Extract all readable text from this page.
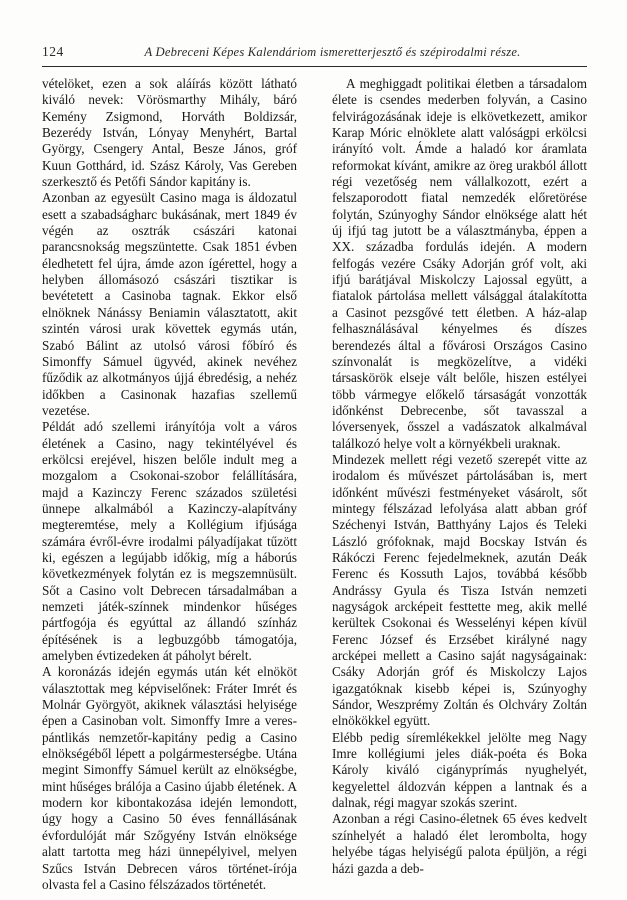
124	A Debreceni Képes Kalendáriom ismeretterjesztő és szépirodalmi része.

vételöket, ezen a sok aláírás között látható kiváló nevek: Vörösmarthy Mihály, báró Kemény Zsigmond, Horváth Boldizsár, Bezerédy István, Lónyay Menyhért, Bartal György, Csengery Antal, Besze János, gróf Kuun Gotthárd, id. Szász Károly, Vas Gereben szerkesztő és Petőfi Sándor kapitány is.

Azonban az egyesült Casino maga is áldozatul esett a szabadságharc bukásának, mert 1849 év végén az osztrák császári katonai parancsnokság megszüntette. Csak 1851 évben éledhetett fel újra, ámde azon ígérettel, hogy a helyben állomásozó császári tisztikar is bevétetett a Casinoba tagnak. Ekkor első elnöknek Nánássy Beniamin választatott, akit szintén városi urak követtek egymás után, Szabó Bálint az utolsó városi főbíró és Simonffy Sámuel ügyvéd, akinek nevéhez fűződik az alkotmányos újjá ébredésig, a nehéz időkben a Casinonak hazafias szellemű vezetése.

Példát adó szellemi irányítója volt a város életének a Casino, nagy tekintélyével és erkölcsi erejével, hiszen belőle indult meg a mozgalom a Csokonai-szobor felállítására, majd a Kazinczy Ferenc százados születési ünnepe alkalmából a Kazinczy-alapítvány megteremtése, mely a Kollégium ifjúsága számára évről-évre irodalmi pályadíjakat tűzött ki, egészen a legújabb időkig, míg a háborús következmények folytán ez is megszemnüsült. Sőt a Casino volt Debrecen társadalmában a nemzeti játék-színnek mindenkor hűséges pártfogója és egyúttal az állandó színház építésének is a legbuzgóbb támogatója, amelyben évtizedeken át páholyt bérelt.

A koronázás idején egymás után két elnököt választottak meg képviselőnek: Fráter Imrét és Molnár Györgyöt, akiknek választási helyisége épen a Casinoban volt. Simonffy Imre a veres-pántlikás nemzetőr-kapitány pedig a Casino elnökségéből lépett a polgármesterségbe. Utána megint Simonffy Sámuel került az elnökségbe, mint hűséges brálója a Casino újabb életének. A modern kor kibontakozása idején lemondott, úgy hogy a Casino 50 éves fennállásának évfordulóját már Szőgyény István elnöksége alatt tartotta meg házi ünnepélyivel, melyen Szűcs István Debrecen város történet-írója olvasta fel a Casino félszázados történetét.

A meghiggadt politikai életben a társadalom élete is csendes mederben folyván, a Casino felvirágozásának ideje is elkövetkezett, amikor Karap Móric elnöklete alatt valóságpi erkölcsi irányító volt. Ámde a haladó kor áramlata reformokat kívánt, amikre az öreg urakból állott régi vezetőség nem vállalkozott, ezért a felszaporodott fiatal nemzedék előretörése folytán, Szúnyoghy Sándor elnöksége alatt hét új ifjú tag jutott be a választmányba, éppen a XX. századba fordulás idején. A modern felfogás vezére Csáky Adorján gróf volt, aki ifjú barátjával Miskolczy Lajossal együtt, a fiatalok pártolása mellett válsággal átalakította a Casinot pezsgővé tett életben. A ház-alap felhasználásával kényelmes és díszes berendezés által a fővárosi Országos Casino színvonalát is megközelítve, a vidéki társaskörök elseje vált belőle, hiszen estélyei több vármegye előkelő társaságát vonzották időnkénst Debrecenbe, sőt tavasszal a lóversenyek, ősszel a vadászatok alkalmával találkozó helye volt a környékbeli uraknak.

Mindezek mellett régi vezető szerepét vitte az irodalom és művészet pártolásában is, mert időnként művészi festményeket vásárolt, sőt mintegy félszázad lefolyása alatt abban gróf Széchenyi István, Batthyány Lajos és Teleki László grófoknak, majd Bocskay István és Rákóczi Ferenc fejedelmeknek, azután Deák Ferenc és Kossuth Lajos, továbbá később Andrássy Gyula és Tisza István nemzeti nagyságok arcképeit festtette meg, akik mellé kerültek Csokonai és Wesselényi képen kívül Ferenc József és Erzsébet királyné nagy arcképei mellett a Casino saját nagyságainak: Csáky Adorján gróf és Miskolczy Lajos igazgatóknak kisebb képei is, Szúnyoghy Sándor, Weszprémy Zoltán és Olchváry Zoltán elnökökkel együtt.

Elébb pedig síremlékekkel jelölte meg Nagy Imre kollégiumi jeles diák-poéta és Boka Károly kiváló cigányprímás nyughelyét, kegyelettel áldozván képpen a lantnak és a dalnak, régi magyar szokás szerint.

Azonban a régi Casino-életnek 65 éves kedvelt színhelyét a haladó élet lerombolta, hogy helyébe tágas helyiségű palota épüljön, a régi házi gazda a deb-
